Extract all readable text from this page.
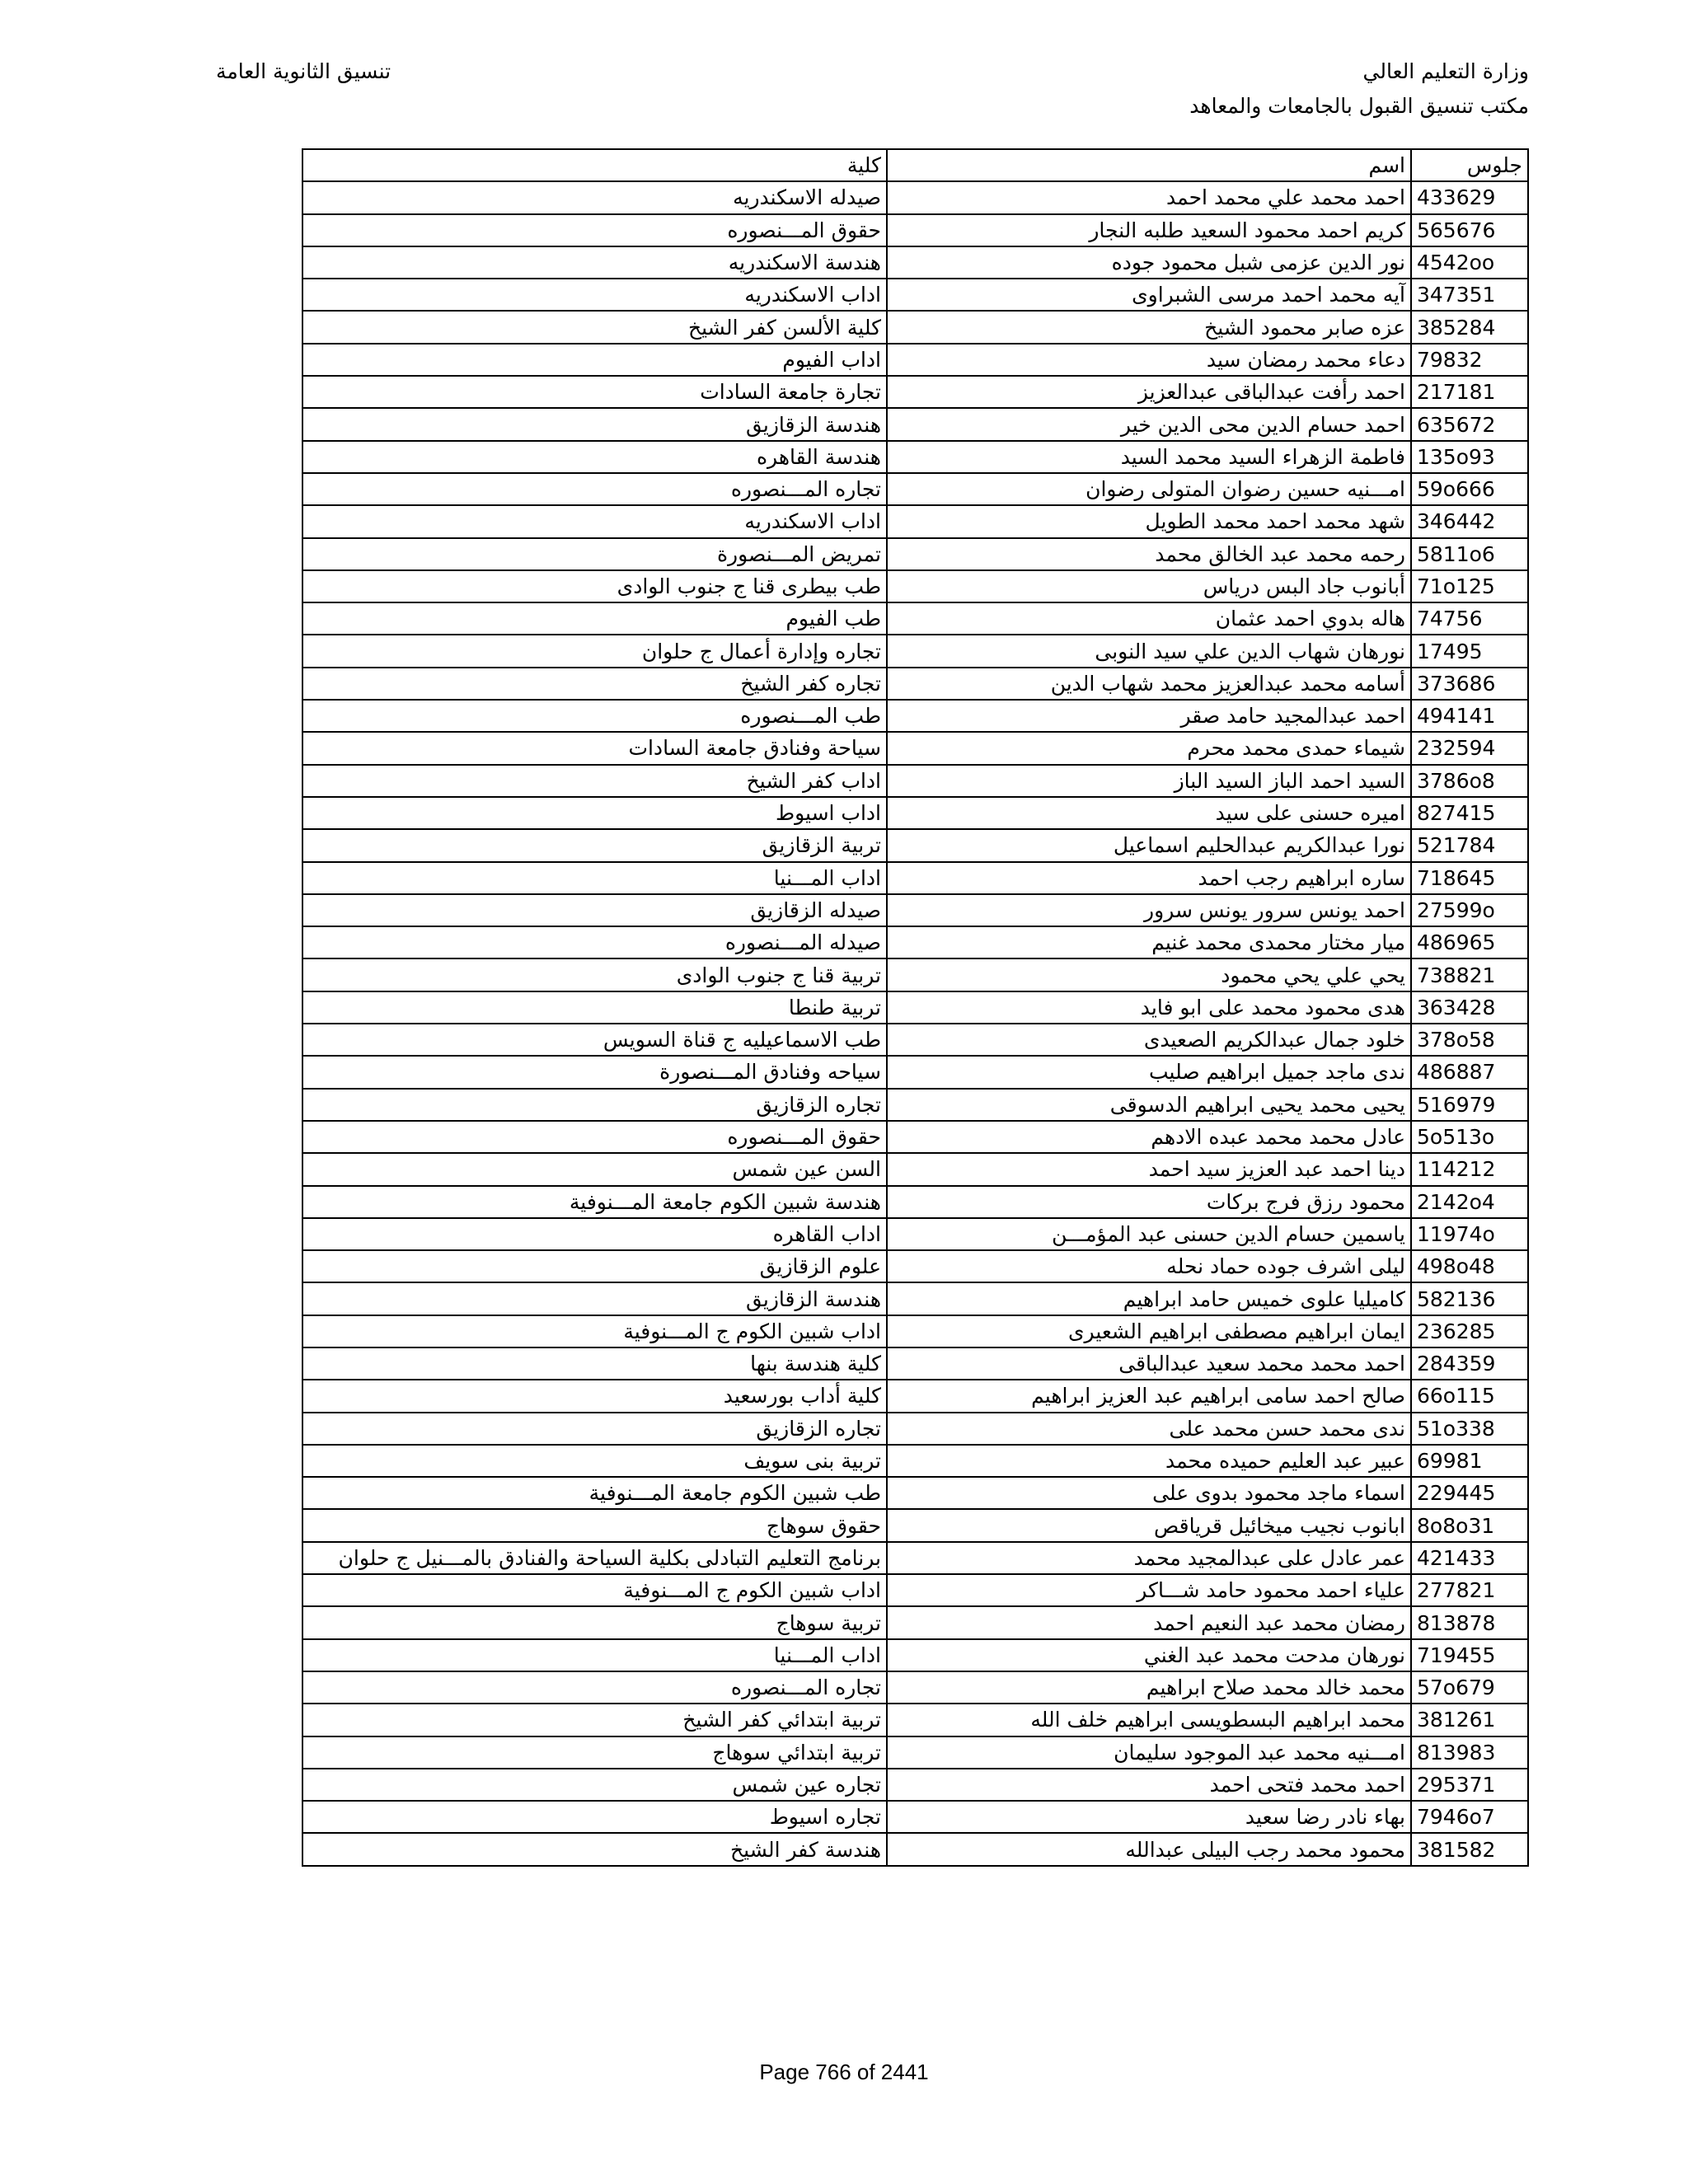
وزارة التعليم العالي
مكتب تنسيق القبول بالجامعات والمعاهد
تنسيق الثانوية العامة
كلية	اسم	جلوس
صيدله الاسكندريه	احمد محمد علي محمد احمد	433629
حقوق المـــنصوره	كريم احمد محمود السعيد طلبه النجار	565676
هندسة الاسكندريه	نور الدين عزمى شبل محمود جوده	4542oo
اداب الاسكندريه	آيه محمد احمد مرسى الشبراوى	347351
كلية الألسن كفر الشيخ	عزه صابر محمود الشيخ	385284
اداب الفيوم	دعاء محمد رمضان سيد	79832
تجارة جامعة السادات	احمد رأفت عبدالباقى عبدالعزيز	217181
هندسة الزقازيق	احمد حسام الدين محى الدين خير	635672
هندسة القاهره	فاطمة الزهراء السيد محمد السيد	135o93
تجاره المـــنصوره	امـــنيه حسين رضوان المتولى رضوان	59o666
اداب الاسكندريه	شهد محمد احمد محمد الطويل	346442
تمريض المـــنصورة	رحمه محمد عبد الخالق محمد	5811o6
طب بيطرى قنا ج جنوب الوادى	أبانوب جاد البس درياس	71o125
طب الفيوم	هاله بدوي احمد عثمان	74756
تجاره وإدارة أعمال ج حلوان	نورهان شهاب الدين علي سيد النوبى	17495
تجاره كفر الشيخ	أسامه محمد عبدالعزيز محمد شهاب الدين	373686
طب المـــنصوره	احمد عبدالمجيد حامد صقر	494141
سياحة وفنادق جامعة السادات	شيماء حمدى محمد محرم	232594
اداب كفر الشيخ	السيد احمد الباز السيد الباز	3786o8
اداب اسيوط	اميره حسنى على سيد	827415
تربية الزقازيق	نورا عبدالكريم عبدالحليم اسماعيل	521784
اداب المـــنيا	ساره ابراهيم رجب احمد	718645
صيدله الزقازيق	احمد يونس سرور يونس سرور	27599o
صيدله المـــنصوره	ميار مختار محمدى محمد غنيم	486965
تربية قنا ج جنوب الوادى	يحي علي يحي محمود	738821
تربية طنطا	هدى محمود محمد على ابو فايد	363428
طب الاسماعيليه ج قناة السويس	خلود جمال عبدالكريم الصعيدى	378o58
سياحه وفنادق المـــنصورة	ندى ماجد جميل ابراهيم صليب	486887
تجاره الزقازيق	يحيى محمد يحيى ابراهيم الدسوقى	516979
حقوق المـــنصوره	عادل محمد محمد عبده الادهم	5o513o
السن عين شمس	دينا احمد عبد العزيز سيد احمد	114212
هندسة شبين الكوم جامعة المـــنوفية	محمود رزق فرج بركات	2142o4
اداب القاهره	ياسمين حسام الدين حسنى عبد المؤمـــن	11974o
علوم الزقازيق	ليلى اشرف جوده حماد نحله	498o48
هندسة الزقازيق	كاميليا علوى خميس حامد ابراهيم	582136
اداب شبين الكوم ج المـــنوفية	ايمان ابراهيم مصطفى ابراهيم الشعيرى	236285
كلية هندسة بنها	احمد محمد محمد سعيد عبدالباقى	284359
كلية أداب بورسعيد	صالح احمد سامى ابراهيم عبد العزيز ابراهيم	66o115
تجاره الزقازيق	ندى محمد حسن محمد على	51o338
تربية بنى سويف	عبير عبد العليم حميده محمد	69981
طب شبين الكوم جامعة المـــنوفية	اسماء ماجد محمود بدوى على	229445
حقوق سوهاج	ابانوب نجيب ميخائيل قرياقص	8o8o31
برنامج التعليم التبادلى بكلية السياحة والفنادق بالمـــنيل ج حلوان	عمر عادل على عبدالمجيد محمد	421433
اداب شبين الكوم ج المـــنوفية	علياء احمد محمود حامد شـــاكر	277821
تربية سوهاج	رمضان محمد عبد النعيم احمد	813878
اداب المـــنيا	نورهان مدحت محمد عبد الغني	719455
تجاره المـــنصوره	محمد خالد محمد صلاح ابراهيم	57o679
تربية ابتدائي كفر الشيخ	محمد ابراهيم البسطويسى ابراهيم خلف الله	381261
تربية ابتدائي سوهاج	امـــنيه محمد عبد الموجود سليمان	813983
تجاره عين شمس	احمد محمد فتحى احمد	295371
تجاره اسيوط	بهاء نادر رضا سعيد	7946o7
هندسة كفر الشيخ	محمود محمد رجب البيلى عبدالله	381582
Page 766 of 2441
